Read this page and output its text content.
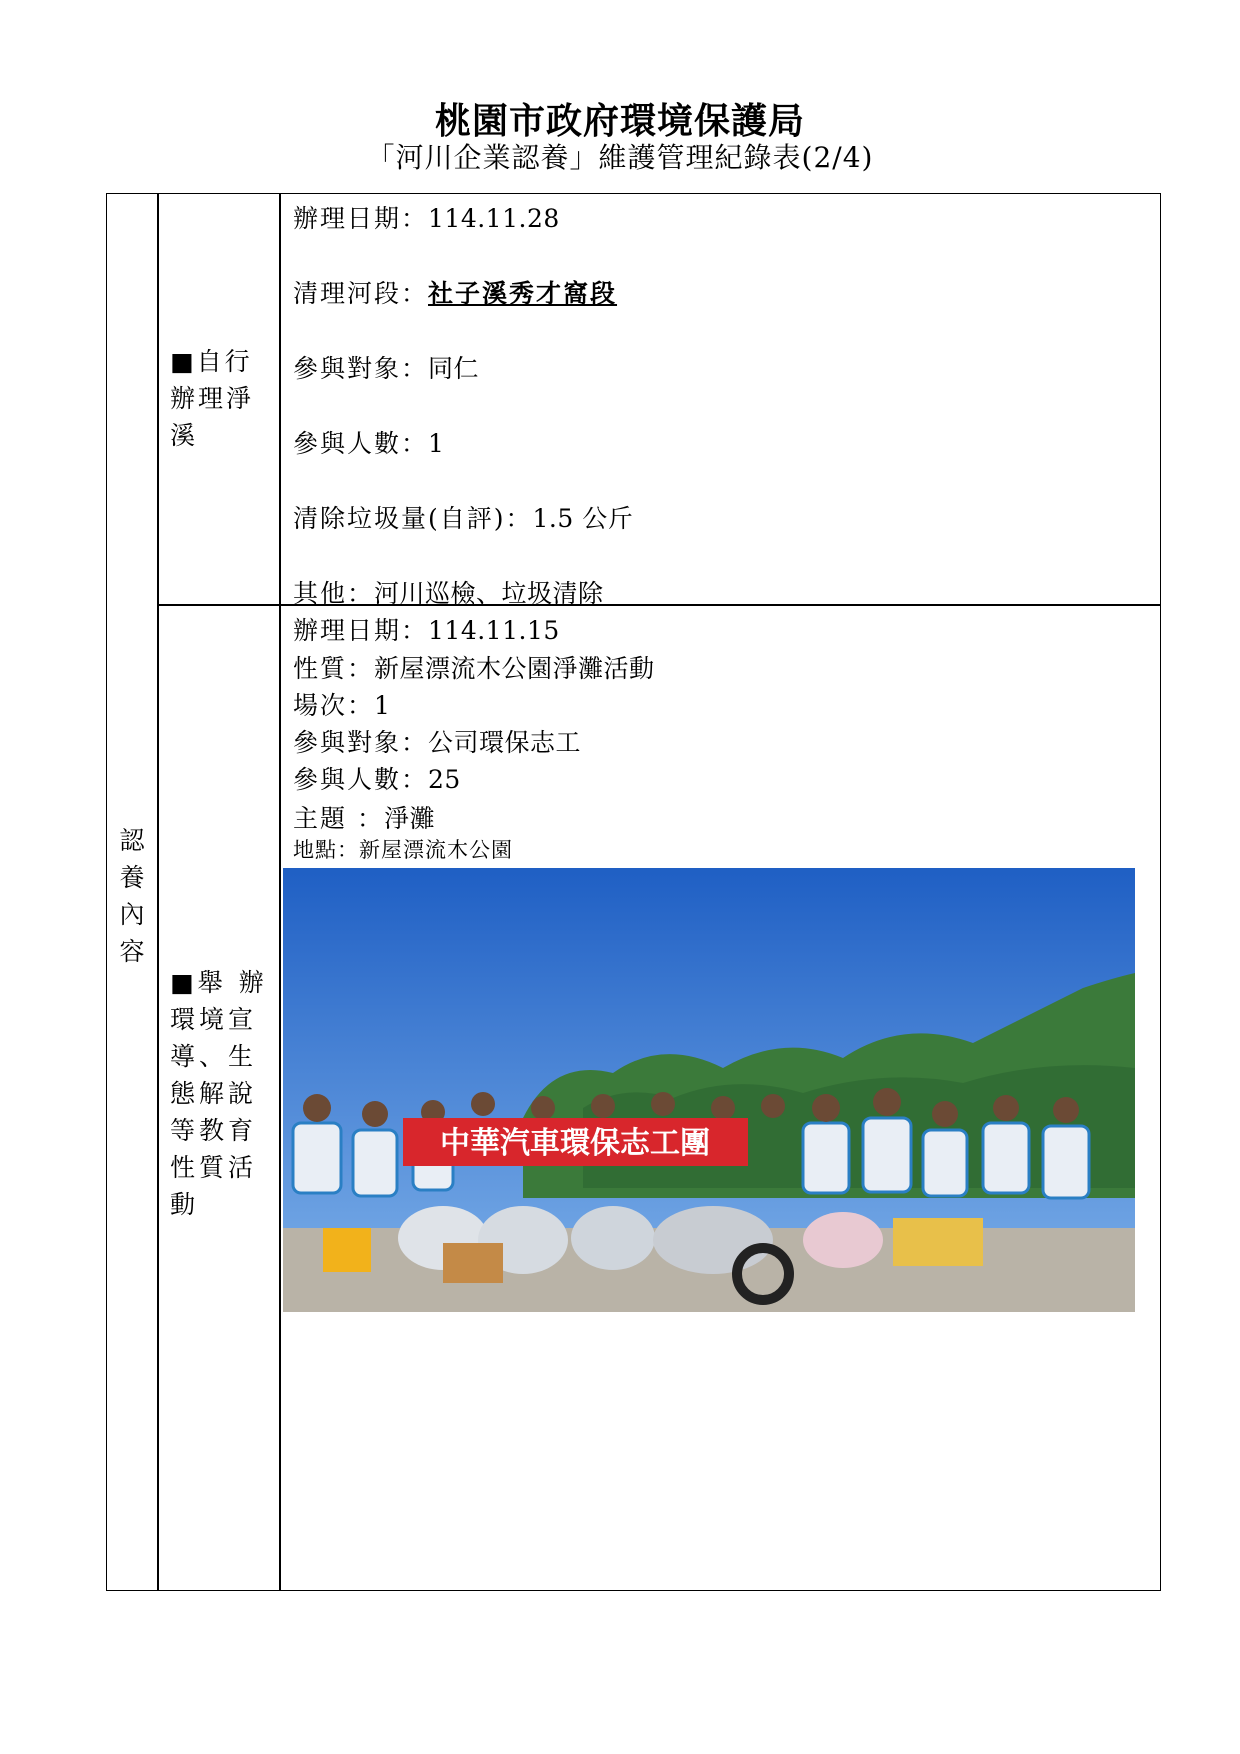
桃園市政府環境保護局
「河川企業認養」維護管理紀錄表(2/4)
認
養
內
容
■自行辦理淨溪
辦理日期：114.11.28
清理河段：社子溪秀才窩段
參與對象：同仁
參與人數：1
清除垃圾量(自評)：1.5 公斤
其他：河川巡檢、垃圾清除
■舉 辦
環境宣
導、生
態解說
等教育
性質活
動
辦理日期：114.11.15
性質：新屋漂流木公園淨灘活動
場次：1
參與對象：公司環保志工
參與人數：25
主題 ：淨灘
地點：新屋漂流木公園
中華汽車環保志工團
